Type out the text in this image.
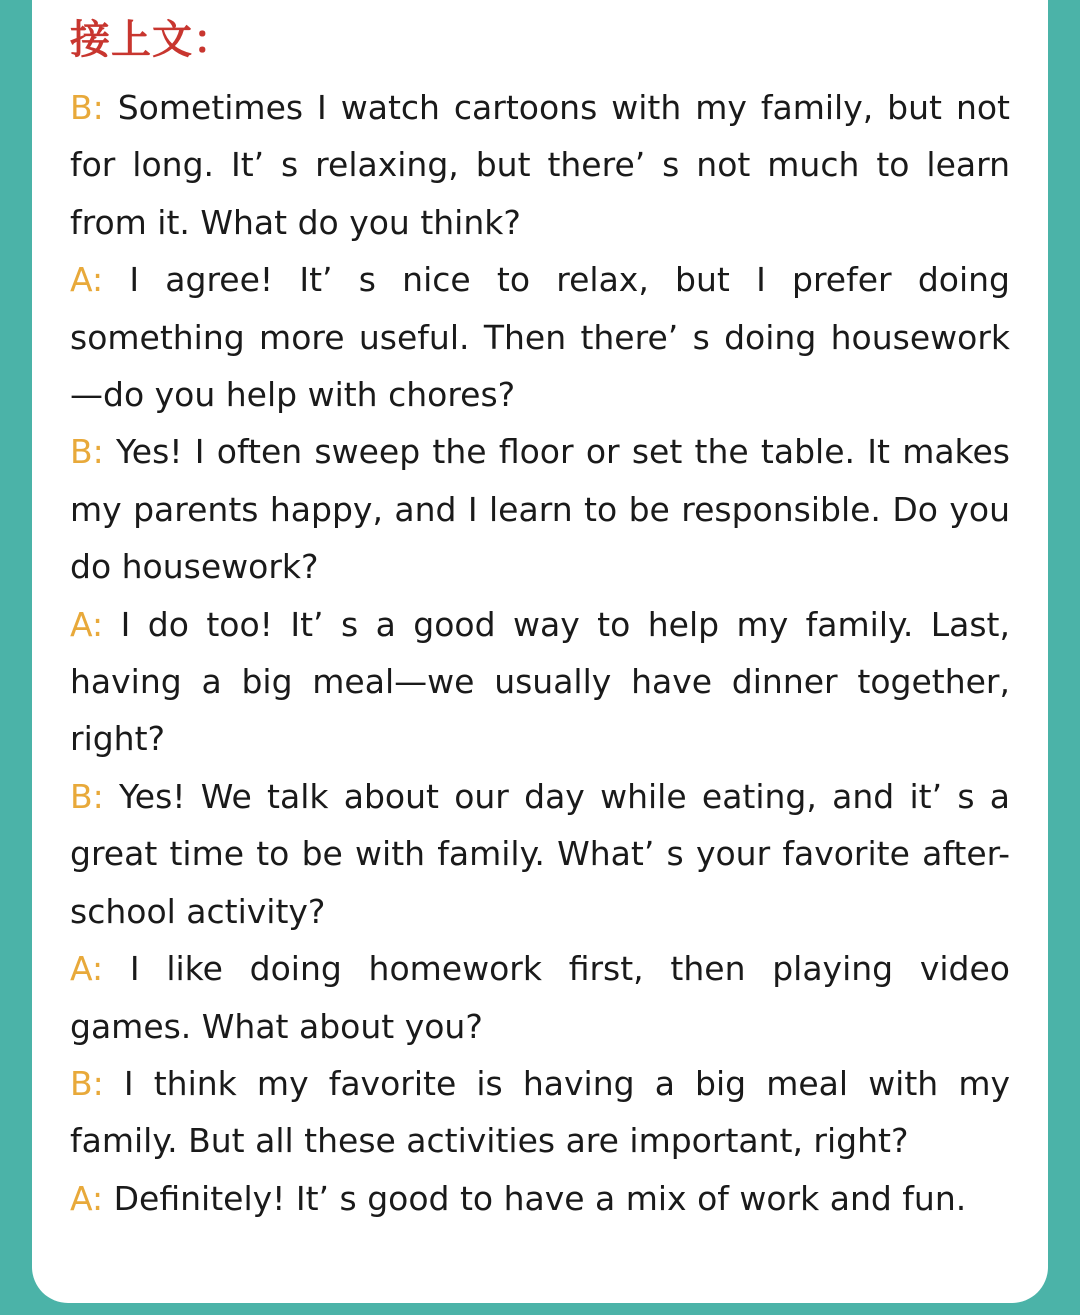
接上文：
B: Sometimes I watch cartoons with my family, but not for long. It’ s relaxing, but there’ s not much to learn from it. What do you think?
A: I agree! It’ s nice to relax, but I prefer doing something more useful. Then there’ s doing housework—do you help with chores?
B: Yes! I often sweep the floor or set the table. It makes my parents happy, and I learn to be responsible. Do you do housework?
A: I do too! It’ s a good way to help my family. Last, having a big meal—we usually have dinner together, right?
B: Yes! We talk about our day while eating, and it’ s a great time to be with family. What’ s your favorite after-school activity?
A: I like doing homework first, then playing video games. What about you?
B: I think my favorite is having a big meal with my family. But all these activities are important, right?
A: Definitely! It’ s good to have a mix of work and fun.
